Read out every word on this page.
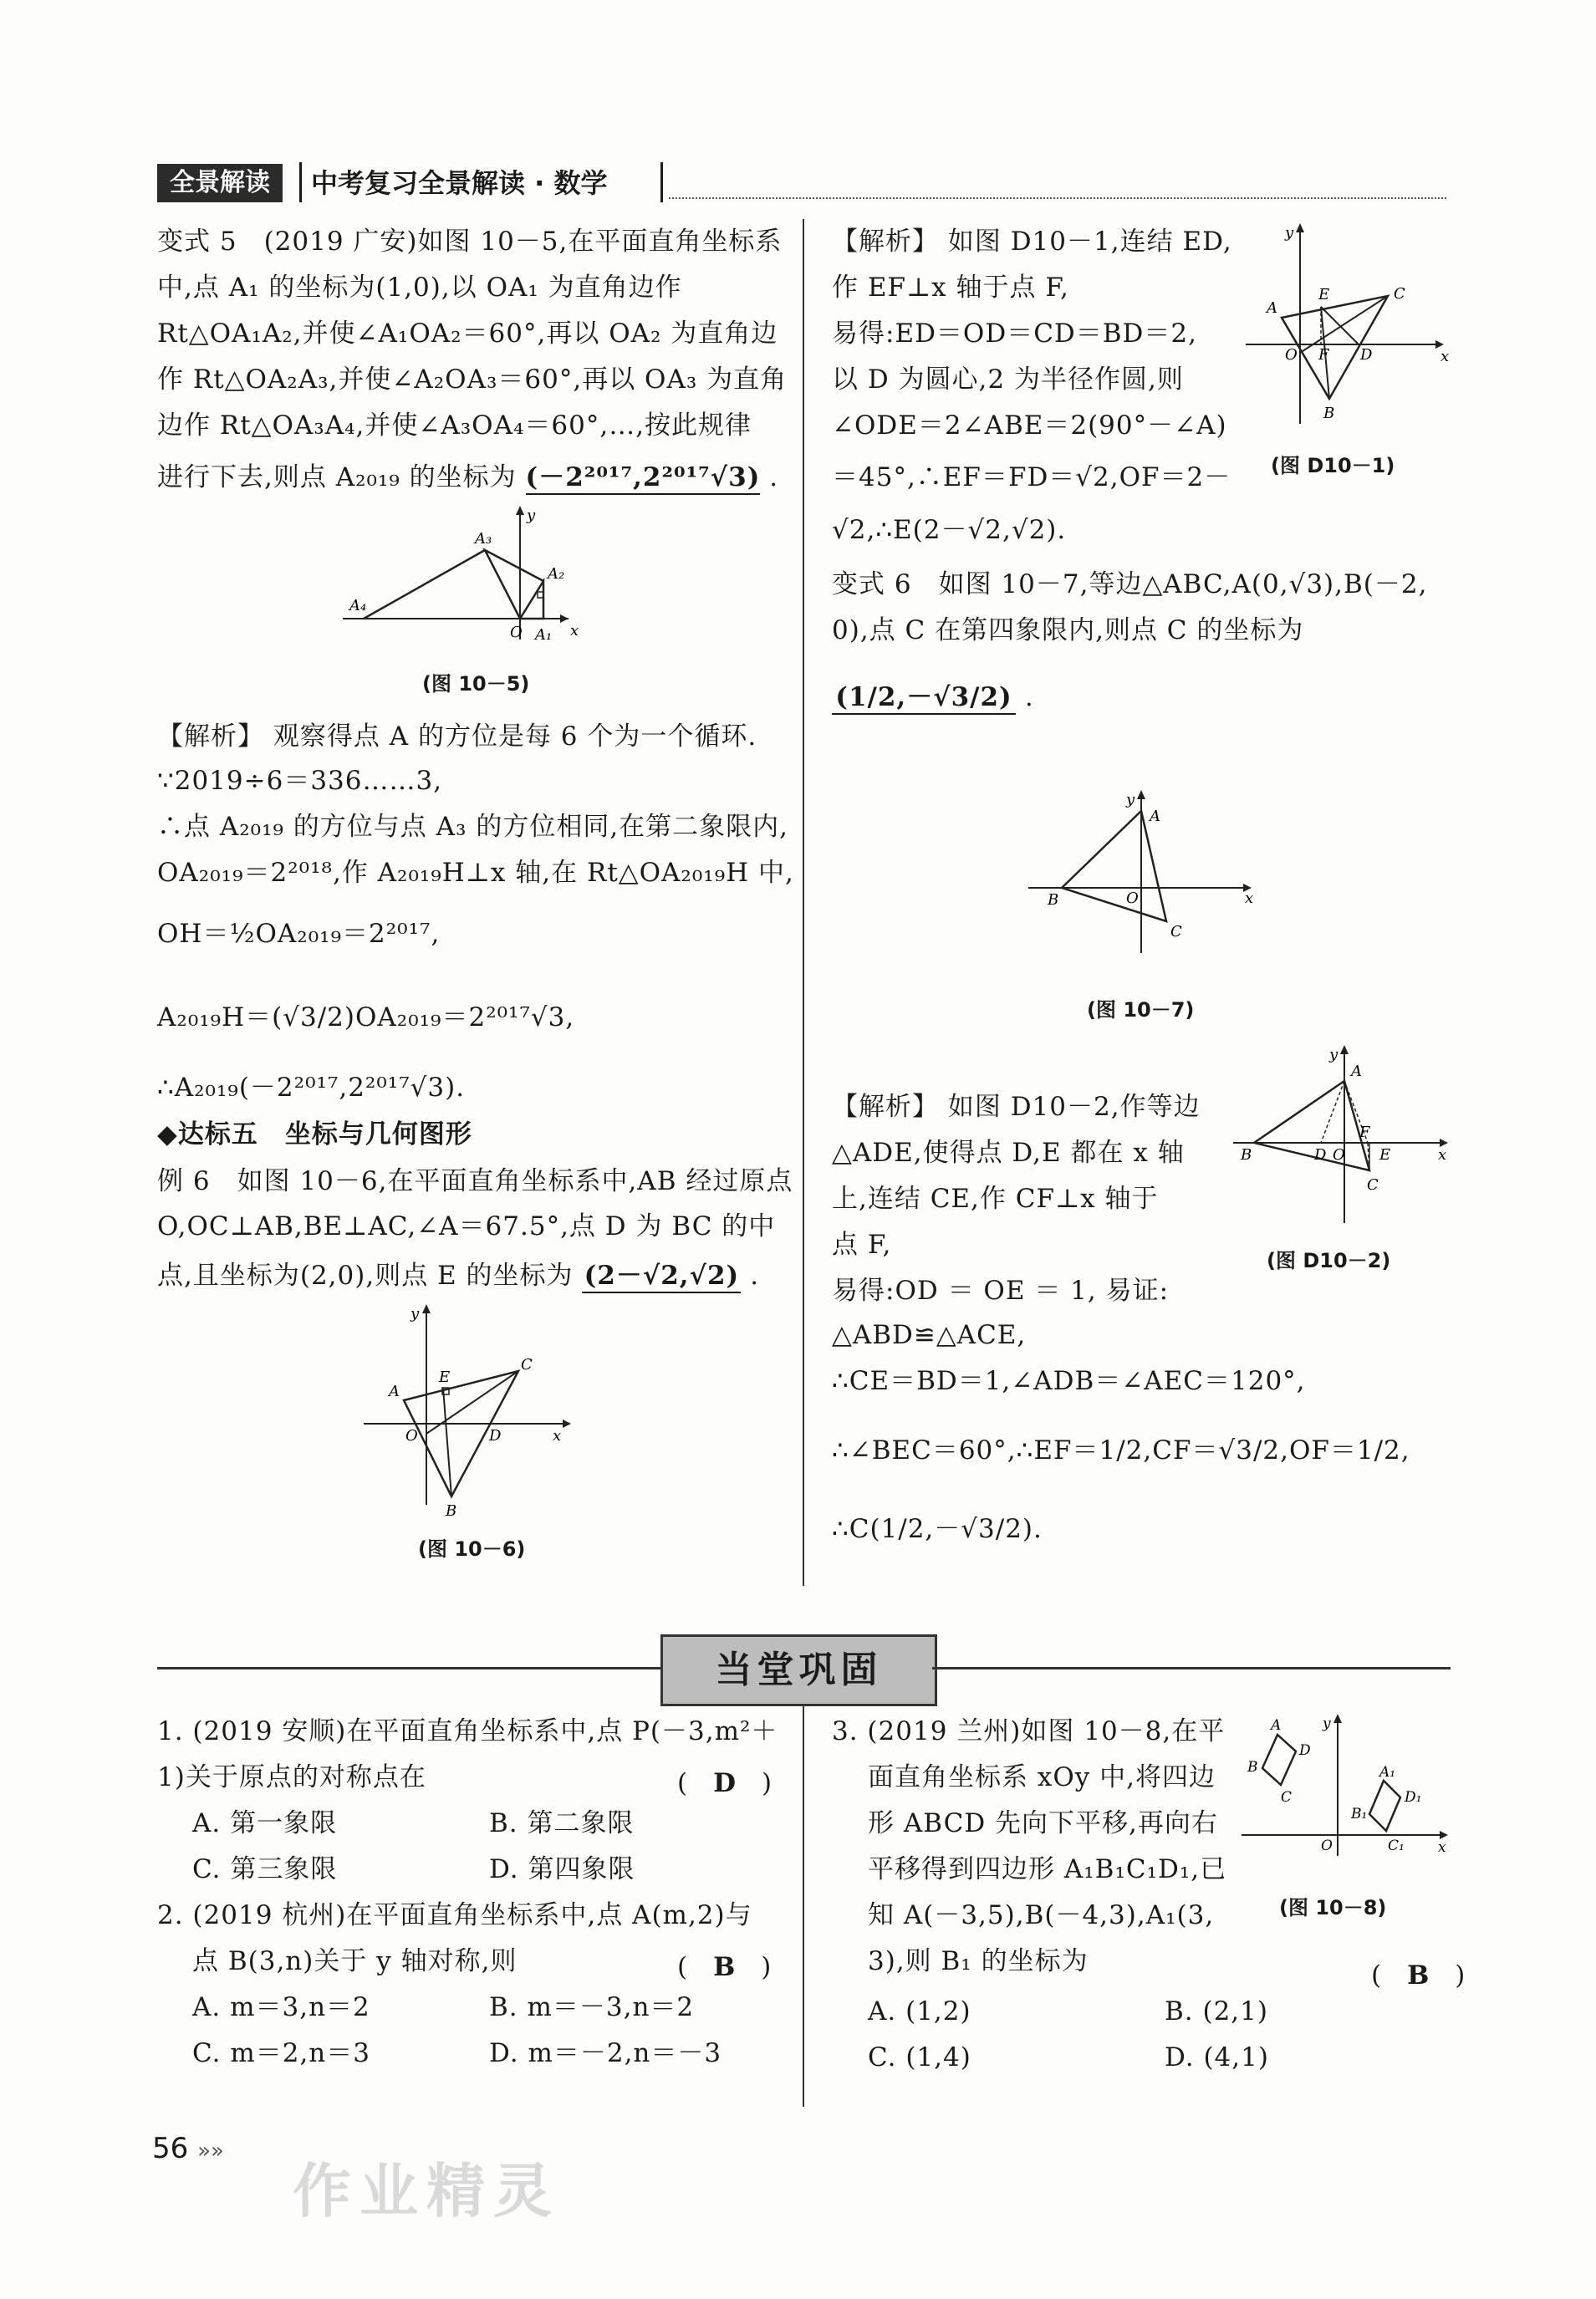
全景解读	中考复习全景解读 · 数学
变式 5　(2019 广安)如图 10－5,在平面直角坐标系
中,点 A₁ 的坐标为(1,0),以 OA₁ 为直角边作
Rt△OA₁A₂,并使∠A₁OA₂＝60°,再以 OA₂ 为直角边
作 Rt△OA₂A₃,并使∠A₂OA₃＝60°,再以 OA₃ 为直角
边作 Rt△OA₃A₄,并使∠A₃OA₄＝60°,…,按此规律
进行下去,则点 A₂₀₁₉ 的坐标为 (－2²⁰¹⁷,2²⁰¹⁷√3) .
O A₁
A₂
A₃
A₄
y
x
(图 10－5)
【解析】 观察得点 A 的方位是每 6 个为一个循环.
∵2019÷6＝336……3,
∴点 A₂₀₁₉ 的方位与点 A₃ 的方位相同,在第二象限内,
OA₂₀₁₉＝2²⁰¹⁸,作 A₂₀₁₉H⊥x 轴,在 Rt△OA₂₀₁₉H 中,
OH＝½OA₂₀₁₉＝2²⁰¹⁷,
A₂₀₁₉H＝(√3/2)OA₂₀₁₉＝2²⁰¹⁷√3,
∴A₂₀₁₉(－2²⁰¹⁷,2²⁰¹⁷√3).
◆达标五　坐标与几何图形
例 6　如图 10－6,在平面直角坐标系中,AB 经过原点
O,OC⊥AB,BE⊥AC,∠A＝67.5°,点 D 为 BC 的中
点,且坐标为(2,0),则点 E 的坐标为 (2－√2,√2) .
A
E
C
O	D
B
x
y
(图 10－6)
【解析】 如图 D10－1,连结 ED,
作 EF⊥x 轴于点 F,
易得:ED＝OD＝CD＝BD＝2,
以 D 为圆心,2 为半径作圆,则
∠ODE＝2∠ABE＝2(90°－∠A)
＝45°,∴EF＝FD＝√2,OF＝2－
√2,∴E(2－√2,√2).
A
E	C
O F D
B
x
y
(图 D10－1)
变式 6　如图 10－7,等边△ABC,A(0,√3),B(－2,
0),点 C 在第四象限内,则点 C 的坐标为
(1/2,－√3/2) .
A
B	O
C
x
y
(图 10－7)
【解析】 如图 D10－2,作等边
△ADE,使得点 D,E 都在 x 轴
上,连结 CE,作 CF⊥x 轴于
点 F,
易得:OD ＝ OE ＝ 1, 易证:
△ABD≌△ACE,
∴CE＝BD＝1,∠ADB＝∠AEC＝120°,
∴∠BEC＝60°,∴EF＝1/2,CF＝√3/2,OF＝1/2,
∴C(1/2,－√3/2).
A
B	D O
F
E
C
x
y
(图 D10－2)
当堂巩固
1. (2019 安顺)在平面直角坐标系中,点 P(－3,m²＋
1)关于原点的对称点在	(　D　)
A. 第一象限	B. 第二象限
C. 第三象限	D. 第四象限
2. (2019 杭州)在平面直角坐标系中,点 A(m,2)与
点 B(3,n)关于 y 轴对称,则	(　B　)
A. m＝3,n＝2	B. m＝－3,n＝2
C. m＝2,n＝3	D. m＝－2,n＝－3
3. (2019 兰州)如图 10－8,在平
面直角坐标系 xOy 中,将四边
形 ABCD 先向下平移,再向右
平移得到四边形 A₁B₁C₁D₁,已
知 A(－3,5),B(－4,3),A₁(3,
3),则 B₁ 的坐标为	(　B　)
A. (1,2)	B. (2,1)
C. (1,4)	D. (4,1)
A
D
B
C
A₁
D₁
B₁
C₁
O	x
y
(图 10－8)
56 »»
作业精灵
